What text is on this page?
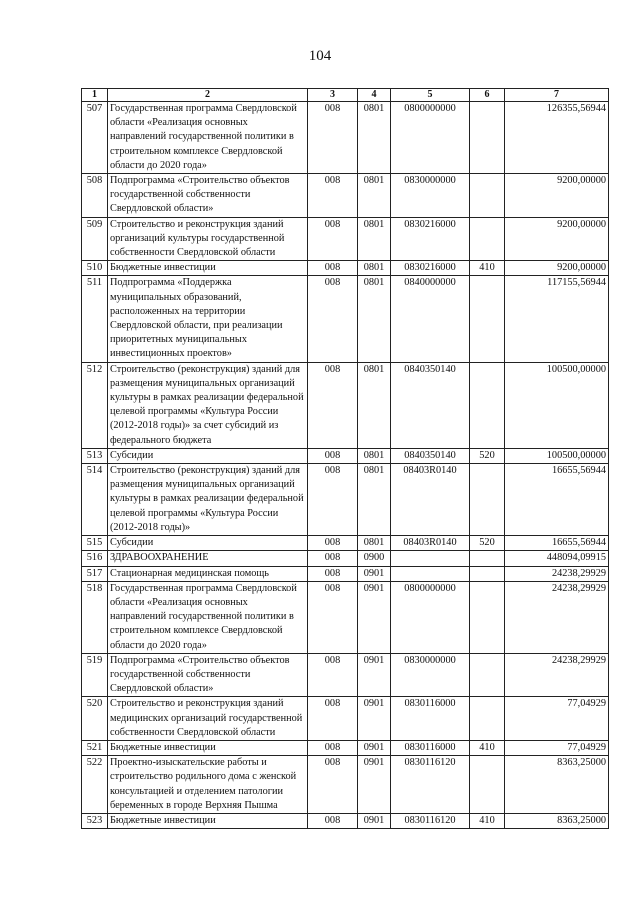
104
1	2	3	4	5	6	7
507	Государственная программа Свердловской области «Реализация основных направлений государственной политики в строительном комплексе Свердловской области до 2020 года»	008	0801	0800000000		126355,56944
508	Подпрограмма «Строительство объектов государственной собственности Свердловской области»	008	0801	0830000000		9200,00000
509	Строительство и реконструкция зданий организаций культуры государственной собственности Свердловской области	008	0801	0830216000		9200,00000
510	Бюджетные инвестиции	008	0801	0830216000	410	9200,00000
511	Подпрограмма «Поддержка муниципальных образований, расположенных на территории Свердловской области, при реализации приоритетных муниципальных инвестиционных проектов»	008	0801	0840000000		117155,56944
512	Строительство (реконструкция) зданий для размещения муниципальных организаций культуры в рамках реализации федеральной целевой программы «Культура России (2012-2018 годы)» за счет субсидий из федерального бюджета	008	0801	0840350140		100500,00000
513	Субсидии	008	0801	0840350140	520	100500,00000
514	Строительство (реконструкция) зданий для размещения муниципальных организаций культуры в рамках реализации федеральной целевой программы «Культура России (2012-2018 годы)»	008	0801	08403R0140		16655,56944
515	Субсидии	008	0801	08403R0140	520	16655,56944
516	ЗДРАВООХРАНЕНИЕ	008	0900			448094,09915
517	Стационарная медицинская помощь	008	0901			24238,29929
518	Государственная программа Свердловской области «Реализация основных направлений государственной политики в строительном комплексе Свердловской области до 2020 года»	008	0901	0800000000		24238,29929
519	Подпрограмма «Строительство объектов государственной собственности Свердловской области»	008	0901	0830000000		24238,29929
520	Строительство и реконструкция зданий медицинских организаций государственной собственности Свердловской области	008	0901	0830116000		77,04929
521	Бюджетные инвестиции	008	0901	0830116000	410	77,04929
522	Проектно-изыскательские работы и строительство родильного дома с женской консультацией и отделением патологии беременных в городе Верхняя Пышма	008	0901	0830116120		8363,25000
523	Бюджетные инвестиции	008	0901	0830116120	410	8363,25000
